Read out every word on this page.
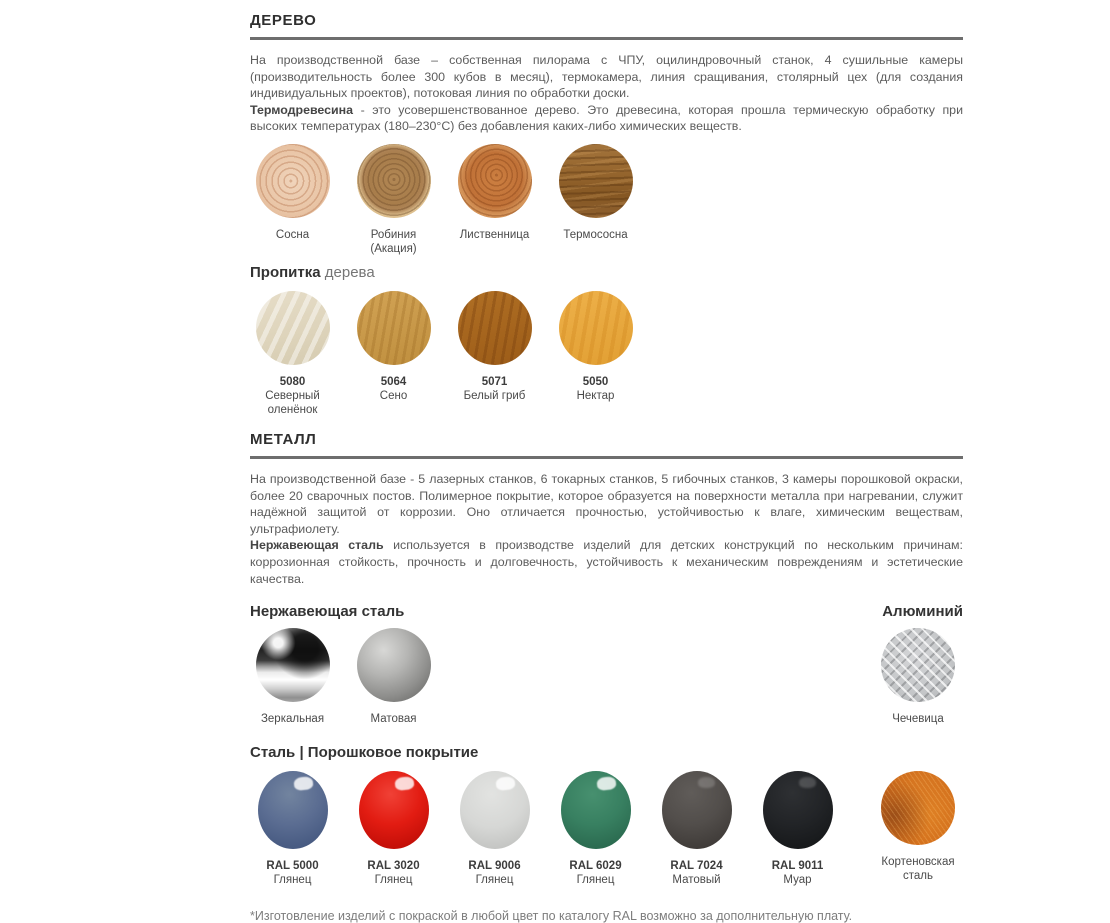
ДЕРЕВО

На производственной базе – собственная пилорама с ЧПУ, оцилиндровочный станок, 4 сушильные камеры (производительность более 300 кубов в месяц), термокамера, линия сращивания, столярный цех (для создания индивидуальных проектов), потоковая линия по обработки доски.
Термодревесина - это усовершенствованное дерево. Это древесина, которая прошла термическую обработку при высоких температурах (180–230°С) без добавления каких-либо химических веществ.

Сосна	Робиния (Акация)
Лиственница	Термососна
Пропитка дерева
5080
Северный оленёнок
5064
Сено
5071
Белый гриб
5050
Нектар
МЕТАЛЛ

На производственной базе - 5 лазерных станков, 6 токарных станков, 5 гибочных станков, 3 камеры порошковой окраски, более 20 сварочных постов. Полимерное покрытие, которое образуется на поверхности металла при нагревании, служит надёжной защитой от коррозии. Оно отличается прочностью, устойчивостью к влаге, химическим веществам, ультрафиолету.
Нержавеющая сталь используется в производстве изделий для детских конструкций по нескольким причинам: коррозионная стойкость, прочность и долговечность, устойчивость к механическим повреждениям и эстетические качества.

Нержавеющая сталь	Алюминий
Зеркальная	Матовая	Чечевица
Сталь | Порошковое покрытие
RAL 5000
Глянец
RAL 3020
Глянец
RAL 9006
Глянец
RAL 6029
Глянец
RAL 7024
Матовый
RAL 9011
Муар
Кортеновская сталь

*Изготовление изделий с покраской в любой цвет по каталогу RAL возможно за дополнительную плату.
